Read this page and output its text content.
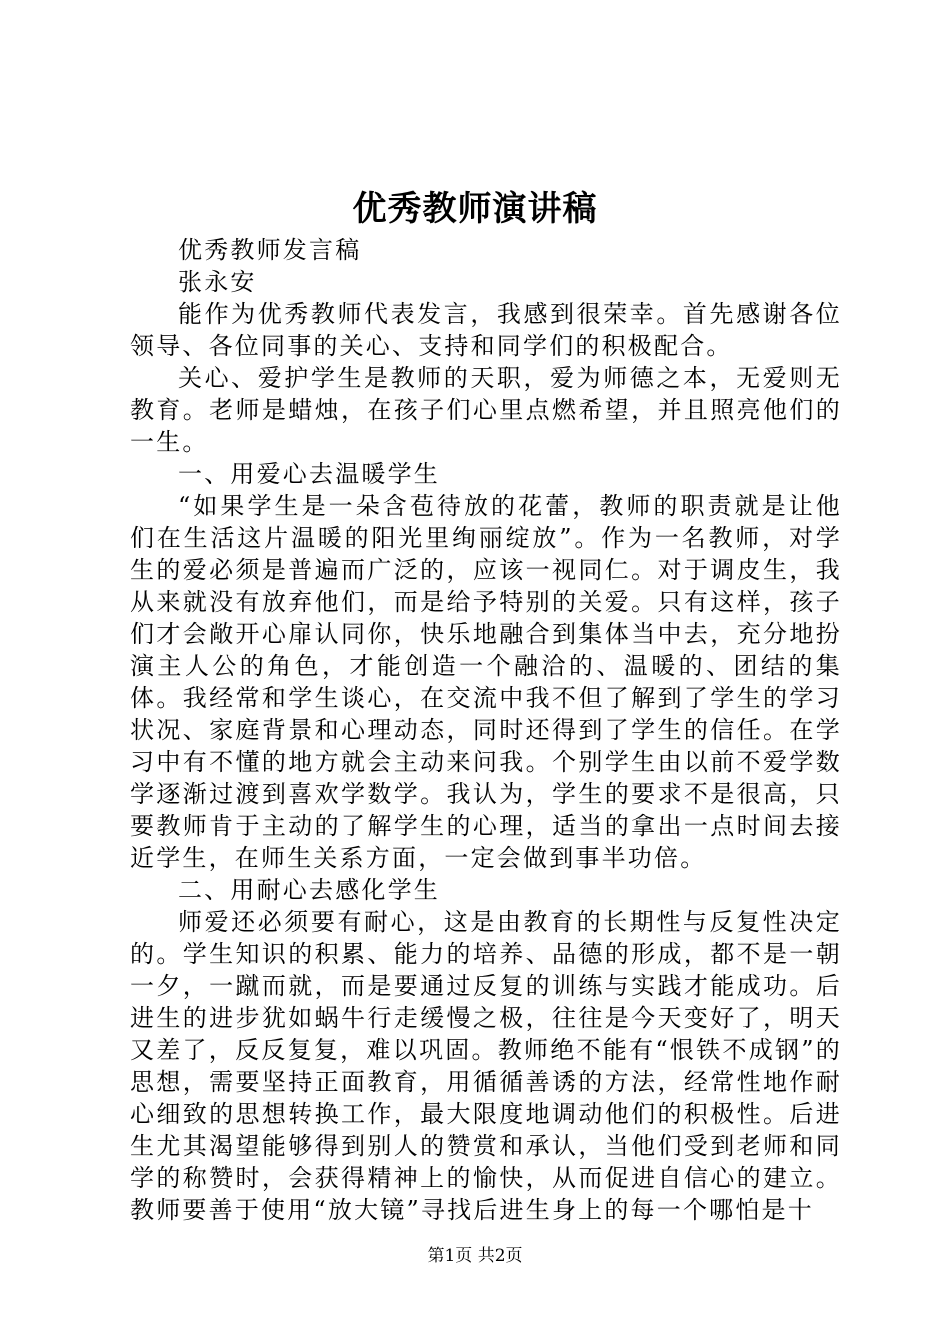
优秀教师演讲稿

优秀教师发言稿

张永安

能作为优秀教师代表发言，我感到很荣幸。首先感谢各位领导、各位同事的关心、支持和同学们的积极配合。

关心、爱护学生是教师的天职，爱为师德之本，无爱则无教育。老师是蜡烛，在孩子们心里点燃希望，并且照亮他们的一生。

一、用爱心去温暖学生

“如果学生是一朵含苞待放的花蕾，教师的职责就是让他们在生活这片温暖的阳光里绚丽绽放”。作为一名教师，对学生的爱必须是普遍而广泛的，应该一视同仁。对于调皮生，我从来就没有放弃他们，而是给予特别的关爱。只有这样，孩子们才会敞开心扉认同你，快乐地融合到集体当中去，充分地扮演主人公的角色，才能创造一个融洽的、温暖的、团结的集体。我经常和学生谈心，在交流中我不但了解到了学生的学习状况、家庭背景和心理动态，同时还得到了学生的信任。在学习中有不懂的地方就会主动来问我。个别学生由以前不爱学数学逐渐过渡到喜欢学数学。我认为，学生的要求不是很高，只要教师肯于主动的了解学生的心理，适当的拿出一点时间去接近学生，在师生关系方面，一定会做到事半功倍。

二、用耐心去感化学生

师爱还必须要有耐心，这是由教育的长期性与反复性决定的。学生知识的积累、能力的培养、品德的形成，都不是一朝一夕，一蹴而就，而是要通过反复的训练与实践才能成功。后进生的进步犹如蜗牛行走缓慢之极，往往是今天变好了，明天又差了，反反复复，难以巩固。教师绝不能有“恨铁不成钢”的思想，需要坚持正面教育，用循循善诱的方法，经常性地作耐心细致的思想转换工作，最大限度地调动他们的积极性。后进生尤其渴望能够得到别人的赞赏和承认，当他们受到老师和同学的称赞时，会获得精神上的愉快，从而促进自信心的建立。教师要善于使用“放大镜”寻找后进生身上的每一个哪怕是十

第1页 共2页
